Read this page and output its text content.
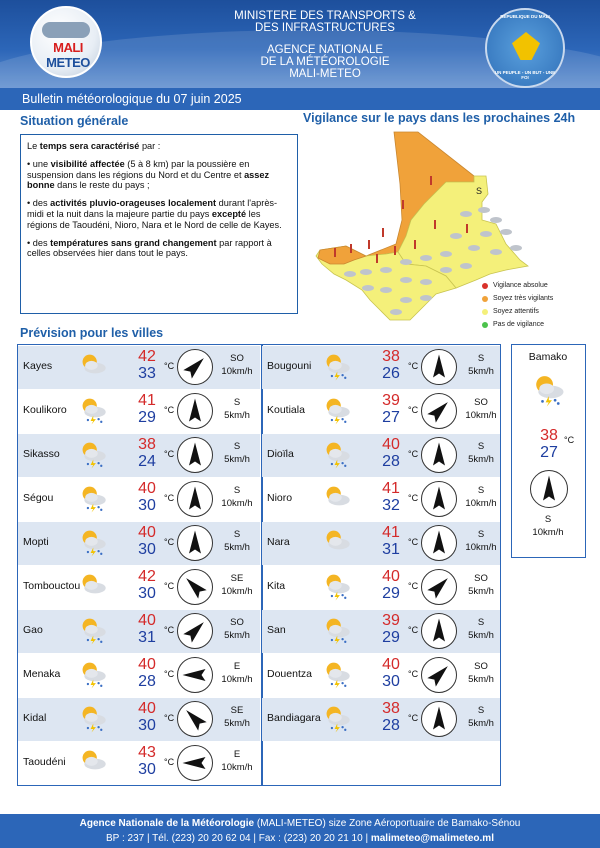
MALI
METEO
MINISTERE DES TRANSPORTS &
DES INFRASTRUCTURES
AGENCE NATIONALE
DE LA MÉTÉOROLOGIE
MALI-METEO
RÉPUBLIQUE DU MALI
UN PEUPLE - UN BUT - UNE FOI
Bulletin météorologique du 07 juin 2025
Situation générale

Le temps sera caractérisé par :

• une visibilité affectée (5 à 8 km) par la poussière en suspension dans les régions du Nord et du Centre et assez bonne dans le reste du pays ;

• des activités pluvio-orageuses localement durant l'après-midi et la nuit dans la majeure partie du pays excepté les régions de Taoudéni, Nioro, Nara et le Nord de celle de Kayes.

• des températures sans grand changement par rapport à celles observées hier dans tout le pays.

Vigilance sur le pays dans les prochaines 24h
S
Vigilance absolue
Soyez très vigilants
Soyez attentifs
Pas de vigilance
Prévision pour les villes
Kayes
42
33 °C
SO
10km/h
Koulikoro
41
29 °C
S
5km/h
Sikasso
38
24 °C
S
5km/h
Ségou
40
30 °C
S
10km/h
Mopti
40
30 °C
S
5km/h
Tombouctou
42
30 °C
SE
10km/h
Gao
40
31 °C
SO
5km/h
Menaka
40
28 °C
E
10km/h
Kidal
40
30 °C
SE
5km/h
Taoudéni
43
30 °C
E
10km/h
Bougouni
38
26 °C
S
5km/h
Koutiala
39
27 °C
SO
10km/h
Dioïla
40
28 °C
S
5km/h
Nioro
41
32 °C
S
10km/h
Nara
41
31 °C
S
10km/h
Kita
40
29 °C
SO
5km/h
San
39
29 °C
S
5km/h
Douentza
40
30 °C
SO
5km/h
Bandiagara
38
28 °C
S
5km/h
Bamako
38
27
°C
S
10km/h
Agence Nationale de la Météorologie (MALI-METEO) size Zone Aéroportuaire de Bamako-Sénou
BP : 237 | Tél. (223) 20 20 62 04 | Fax : (223) 20 20 21 10 | malimeteo@malimeteo.ml
